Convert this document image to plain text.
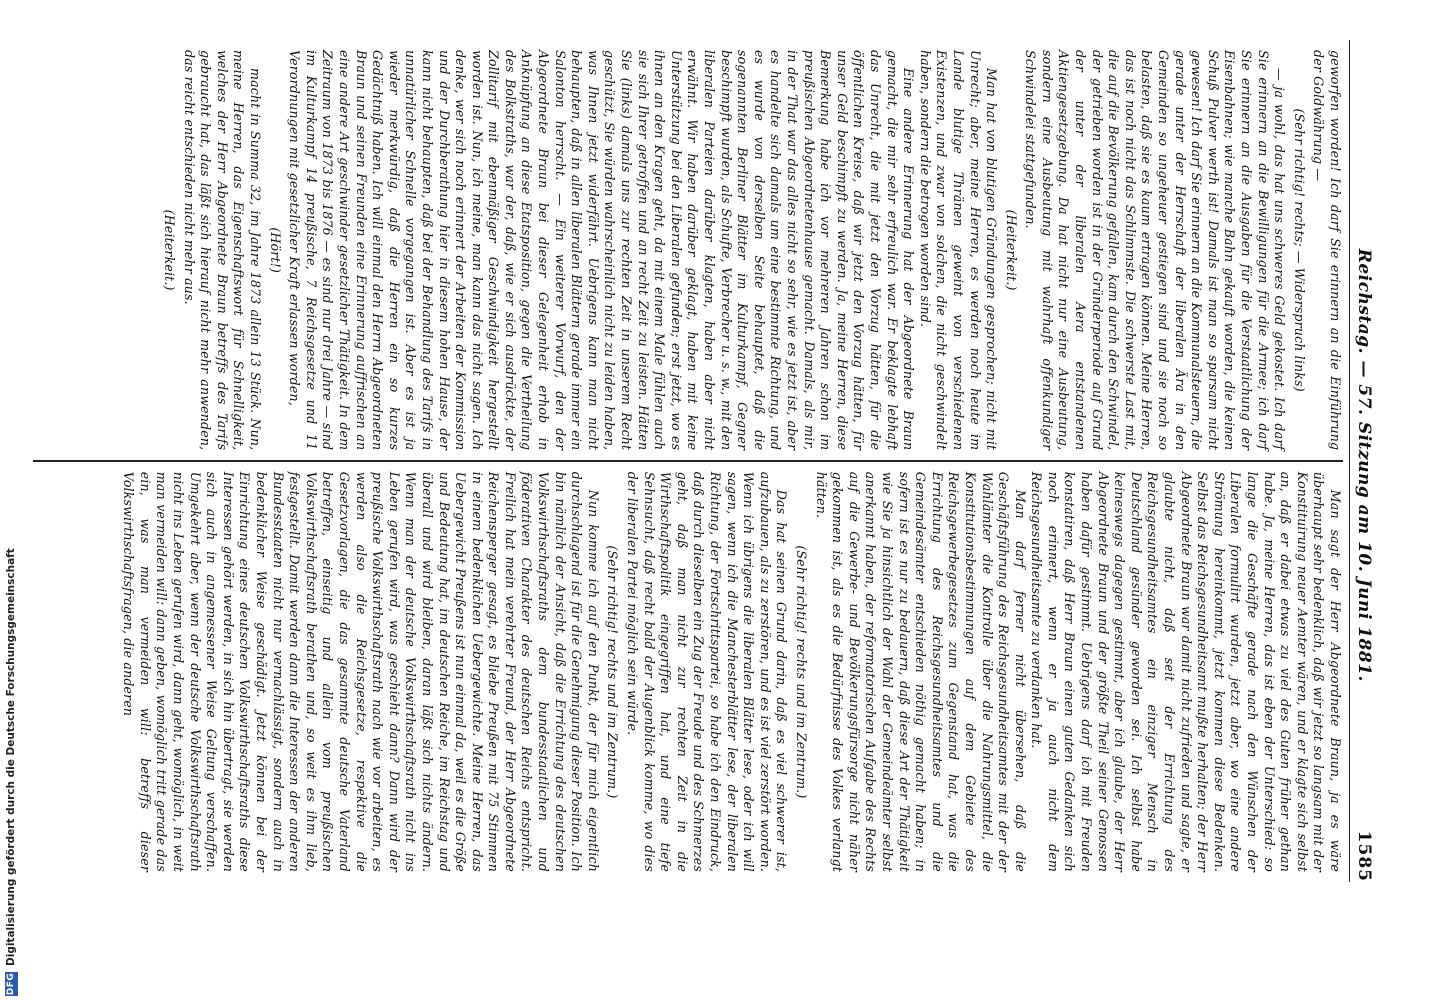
Reichstag. — 57. Sitzung am 10. Juni 1881.
1585

geworfen worden! Ich darf Sie erinnern an die Einführung der Goldwährung —

(Sehr richtig! rechts; — Widerspruch links)

— ja wohl, das hat uns schweres Geld gekostet. Ich darf Sie erinnern an die Bewilligungen für die Armee; ich darf Sie erinnern an die Ausgaben für die Verstaatlichung der Eisenbahnen; wie manche Bahn gekauft worden, die keinen Schuß Pulver werth ist! Damals ist man so sparsam nicht gewesen! Ich darf Sie erinnern an die Kommunalsteuern, die gerade unter der Herrschaft der liberalen Ära in den Gemeinden so ungeheuer gestiegen sind und sie noch so belasten, daß sie es kaum ertragen können. Meine Herren, das ist noch nicht das Schlimmste. Die schwerste Last mit, die auf die Bevölkerung gefallen, kam durch den Schwindel, der getrieben worden ist in der Gründerperiode auf Grund der unter der liberalen Aera entstandenen Aktiengesetzgebung. Da hat nicht nur eine Ausbeutung, sondern eine Ausbeutung mit wahrhaft offenkundiger Schwindelei stattgefunden.

(Heiterkeit.)

Man hat von blutigen Gründungen gesprochen; nicht mit Unrecht; aber, meine Herren, es werden noch heute im Lande blutige Thränen geweint von verschiedenen Existenzen, und zwar von solchen, die nicht geschwindelt haben, sondern die betrogen worden sind.

Eine andere Erinnerung hat der Abgeordnete Braun gemacht, die mir sehr erfreulich war. Er beklagte lebhaft das Unrecht, die mit jetzt den Vorzug hätten, für die öffentlichen Kreise, daß wir jetzt den Vorzug hätten, für unser Geld beschimpft zu werden. Ja, meine Herren, diese Bemerkung habe ich vor mehreren Jahren schon im preußischen Abgeordnetenhause gemacht. Damals, als mir, in der That war das alles nicht so sehr, wie es jetzt ist, aber es handelte sich damals um eine bestimmte Richtung, und es wurde von derselben Seite behauptet, daß die sogenannten Berliner Blätter im Kulturkampf, Gegner beschimpft wurden, als Schufte, Verbrecher u. s. w., mit den liberalen Parteien darüber klagten, haben aber nicht erwähnt. Wir haben darüber geklagt, haben mit keine Unterstützung bei den Liberalen gefunden; erst jetzt, wo es ihnen an den Kragen geht, da mit einem Male fühlen auch sie sich Ihrer getroffen und an recht Zeit zu leisten. Hätten Sie (links) damals uns zur rechten Zeit in unserem Recht geschützt, Sie würden wahrscheinlich nicht zu leiden haben, was Ihnen jetzt widerfährt. Uebrigens kann man nicht behaupten, daß in allen liberalen Blättern gerade immer ein Salonton herrscht. — Ein weiterer Vorwurf, den der Abgeordnete Braun bei dieser Gelegenheit erhob in Anknüpfung an diese Etatsposition, gegen die Vertheilung des Bolkstraths, war der, daß, wie er sich ausdrückte, der Zollitarif mit ebenmäßiger Geschwindigkeit hergestellt worden ist. Nun, ich meine, man kann das nicht sagen. Ich denke, wer sich noch erinnert der Arbeiten der Kommission und der Durchberathung hier in diesem hohen Hause, der kann nicht behaupten, daß bei der Behandlung des Tarifs in unnatürlicher Schnelle vorgegangen ist. Aber es ist ja wieder merkwürdig, daß die Herren ein so kurzes Gedächtniß haben. Ich will einmal den Herrn Abgeordneten Braun und seinen Freunden eine Erinnerung auffrischen an eine andere Art geschwinder gesetzlicher Thätigkeit. In dem Zeitraum von 1873 bis 1876 — es sind nur drei Jahre — sind im Kulturkampf 14 preußische, 7 Reichsgesetze und 11 Verordnungen mit gesetzlicher Kraft erlassen worden,

(Hört!)

macht in Summa 32, im Jahre 1873 allein 13 Stück. Nun, meine Herren, das Eigenschaftswort für Schnelligkeit, welches der Herr Abgeordnete Braun betreffs des Tarifs gebraucht hat, das läßt sich hierauf nicht mehr anwenden, das reicht entschieden nicht mehr aus.

(Heiterkeit.)

Man sagt der Herr Abgeordnete Braun, ja es wäre überhaupt sehr bedenklich, daß wir jetzt so langsam mit der Konstituirung neuer Aemter wären, und er klagte sich selbst an, daß er dabei etwas zu viel des Guten früher gethan habe. Ja, meine Herren, das ist eben der Unterschied: so lange die Geschäfte gerade nach den Wünschen der Liberalen formulirt wurden, jetzt aber, wo eine andere Strömung hereinkommt, jetzt kommen diese Bedenken. Selbst das Reichsgesundheitsamt mußte herhalten; der Herr Abgeordnete Braun war damit nicht zufrieden und sagte, er glaubte nicht, daß seit der Errichtung des Reichsgesundheitsamtes ein einziger Mensch in Deutschland gesünder geworden sei. Ich selbst habe keineswegs dagegen gestimmt, aber ich glaube, der Herr Abgeordnete Braun und der größte Theil seiner Genossen haben dafür gestimmt. Uebrigens darf ich mit Freuden konstatiren, daß Herr Braun einen guten Gedanken sich noch erinnert, wenn er ja auch nicht dem Reichsgesundheitsamte zu verdanken hat.

Man darf ferner nicht übersehen, daß die Geschäftsführung des Reichsgesundheitsamtes mit der der Wahlämter die Kontrolle über die Nahrungsmittel, die Konstitutionsbestimmungen auf dem Gebiete des Reichsgewerbegesetzes zum Gegenstand hat, was die Errichtung des Reichsgesundheitsamtes und die Gemeindesämter entschieden nöthig gemacht haben; in sofern ist es nur zu bedauern, daß diese Art der Thätigkeit wie Sie ja hinsichtlich der Wahl der Gemeindeämter selbst anerkannt haben, der reformatorischen Aufgabe des Rechts auf die Gewerbe- und Bevölkerungsfürsorge nicht näher gekommen ist, als es die Bedürfnisse des Volkes verlangt hätten.

(Sehr richtig! rechts und im Zentrum.)

Das hat seinen Grund darin, daß es viel schwerer ist, aufzubauen, als zu zerstören, und es ist viel zerstört worden. Wenn ich übrigens die liberalen Blätter lese, oder ich will sagen, wenn ich die Manchesterblätter lese, der liberalen Richtung, der Fortschrittspartei, so habe ich den Eindruck, daß durch dieselben ein Zug der Freude und des Schmerzes geht, daß man nicht zur rechten Zeit in die Wirthschaftspolitik eingegriffen hat, und eine tiefe Sehnsucht, daß recht bald der Augenblick komme, wo dies der liberalen Partei möglich sein würde.

(Sehr richtig! rechts und im Zentrum.)

Nun komme ich auf den Punkt, der für mich eigentlich durchschlagend ist für die Genehmigung dieser Position. Ich bin nämlich der Ansicht, daß die Errichtung des deutschen Volkswirthschaftsraths dem bundesstaatlichen und föderativen Charakter des deutschen Reichs entspricht. Freilich hat mein verehrter Freund, der Herr Abgeordnete Reichensperger gesagt, es bliebe Preußen mit 75 Stimmen in einem bedenklichen Uebergewichte. Meine Herren, das Uebergewicht Preußens ist nun einmal da, weil es die Größe und Bedeutung hat, im deutschen Reiche, im Reichstag und überall und wird bleiben, daran läßt sich nichts ändern. Wenn man der deutsche Volkswirthschaftsrath nicht ins Leben gerufen wird, was geschieht dann? Dann wird der preußische Volkswirthschaftsrath nach wie vor arbeiten, es werden also die Reichsgesetze, respektive die Gesetzvorlagen, die das gesammte deutsche Vaterland betreffen, einseitig und allein vom preußischen Volkswirthschaftsrath berathen und, so weit es ihm lieb, festgestellt. Damit werden dann die Interessen der anderen Bundesstaaten nicht nur vernachlässigt, sondern auch in bedenklicher Weise geschädigt. Jetzt können bei der Einrichtung eines deutschen Volkswirthschaftsraths diese Interessen gehört werden, in sich hin übertragt, sie werden sich auch in angemessener Weise Geltung verschaffen. Umgekehrt aber, wenn der deutsche Volkswirthschaftsrath nicht ins Leben gerufen wird, dann geht, womöglich, in weit man vermeiden will: dann geben, womöglich tritt gerade das ein, was man vermeiden will: betreffs dieser Volkswirthschaftsfragen, die anderen

DFG
Digitalisierung gefördert durch die Deutsche Forschungsgemeinschaft
